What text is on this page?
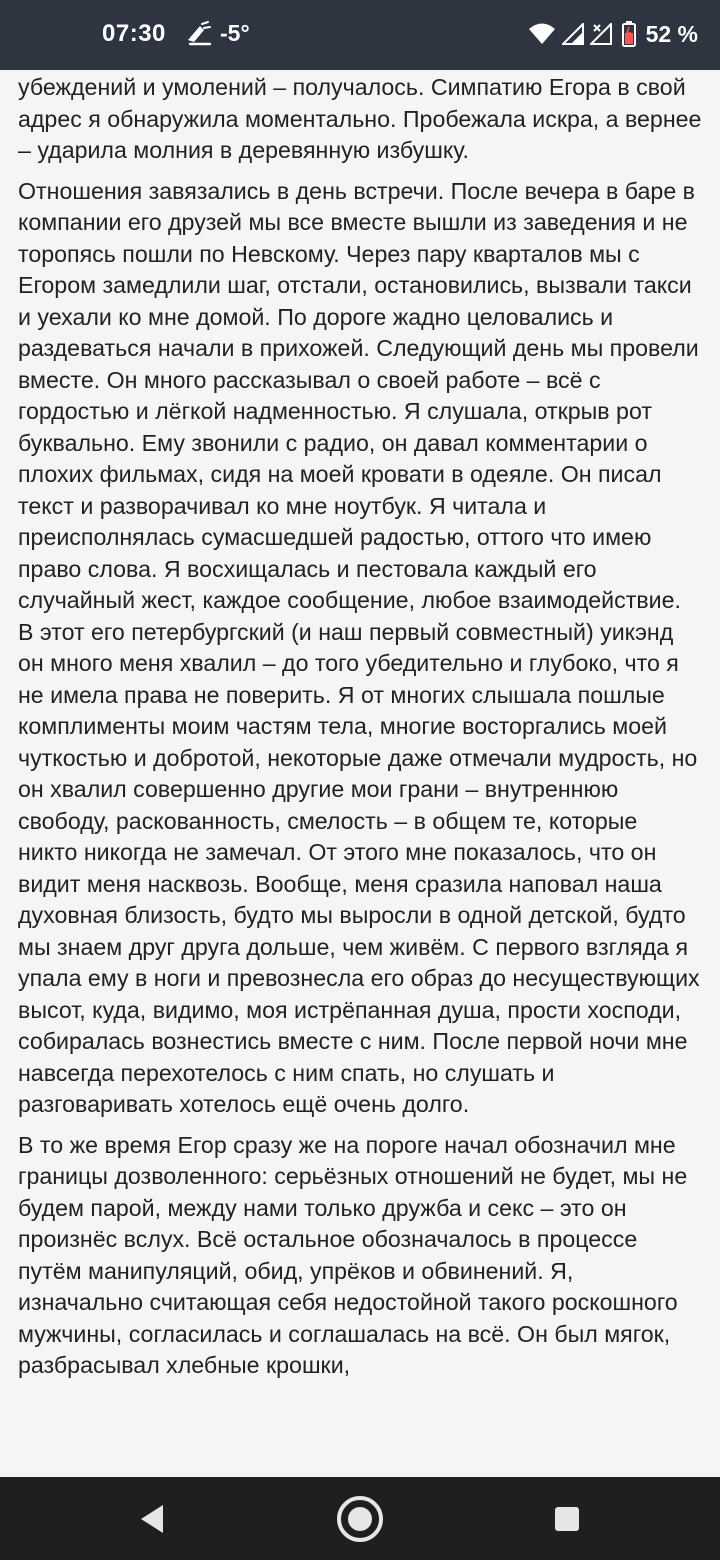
07:30 -5°	52 %

убеждений и умолений – получалось. Симпатию Егора в свой адрес я обнаружила моментально. Пробежала искра, а вернее – ударила молния в деревянную избушку.

Отношения завязались в день встречи. После вечера в баре в компании его друзей мы все вместе вышли из заведения и не торопясь пошли по Невскому. Через пару кварталов мы с Егором замедлили шаг, отстали, остановились, вызвали такси и уехали ко мне домой. По дороге жадно целовались и раздеваться начали в прихожей. Следующий день мы провели вместе. Он много рассказывал о своей работе – всё с гордостью и лёгкой надменностью. Я слушала, открыв рот буквально. Ему звонили с радио, он давал комментарии о плохих фильмах, сидя на моей кровати в одеяле. Он писал текст и разворачивал ко мне ноутбук. Я читала и преисполнялась сумасшедшей радостью, оттого что имею право слова. Я восхищалась и пестовала каждый его случайный жест, каждое сообщение, любое взаимодействие. В этот его петербургский (и наш первый совместный) уикэнд он много меня хвалил – до того убедительно и глубоко, что я не имела права не поверить. Я от многих слышала пошлые комплименты моим частям тела, многие восторгались моей чуткостью и добротой, некоторые даже отмечали мудрость, но он хвалил совершенно другие мои грани – внутреннюю свободу, раскованность, смелость – в общем те, которые никто никогда не замечал. От этого мне показалось, что он видит меня насквозь. Вообще, меня сразила наповал наша духовная близость, будто мы выросли в одной детской, будто мы знаем друг друга дольше, чем живём. С первого взгляда я упала ему в ноги и превознесла его образ до несуществующих высот, куда, видимо, моя истрёпанная душа, прости хосподи, собиралась вознестись вместе с ним. После первой ночи мне навсегда перехотелось с ним спать, но слушать и разговаривать хотелось ещё очень долго.

В то же время Егор сразу же на пороге начал обозначил мне границы дозволенного: серьёзных отношений не будет, мы не будем парой, между нами только дружба и секс – это он произнёс вслух. Всё остальное обозначалось в процессе путём манипуляций, обид, упрёков и обвинений. Я, изначально считающая себя недостойной такого роскошного мужчины, согласилась и соглашалась на всё. Он был мягок, разбрасывал хлебные крошки,
